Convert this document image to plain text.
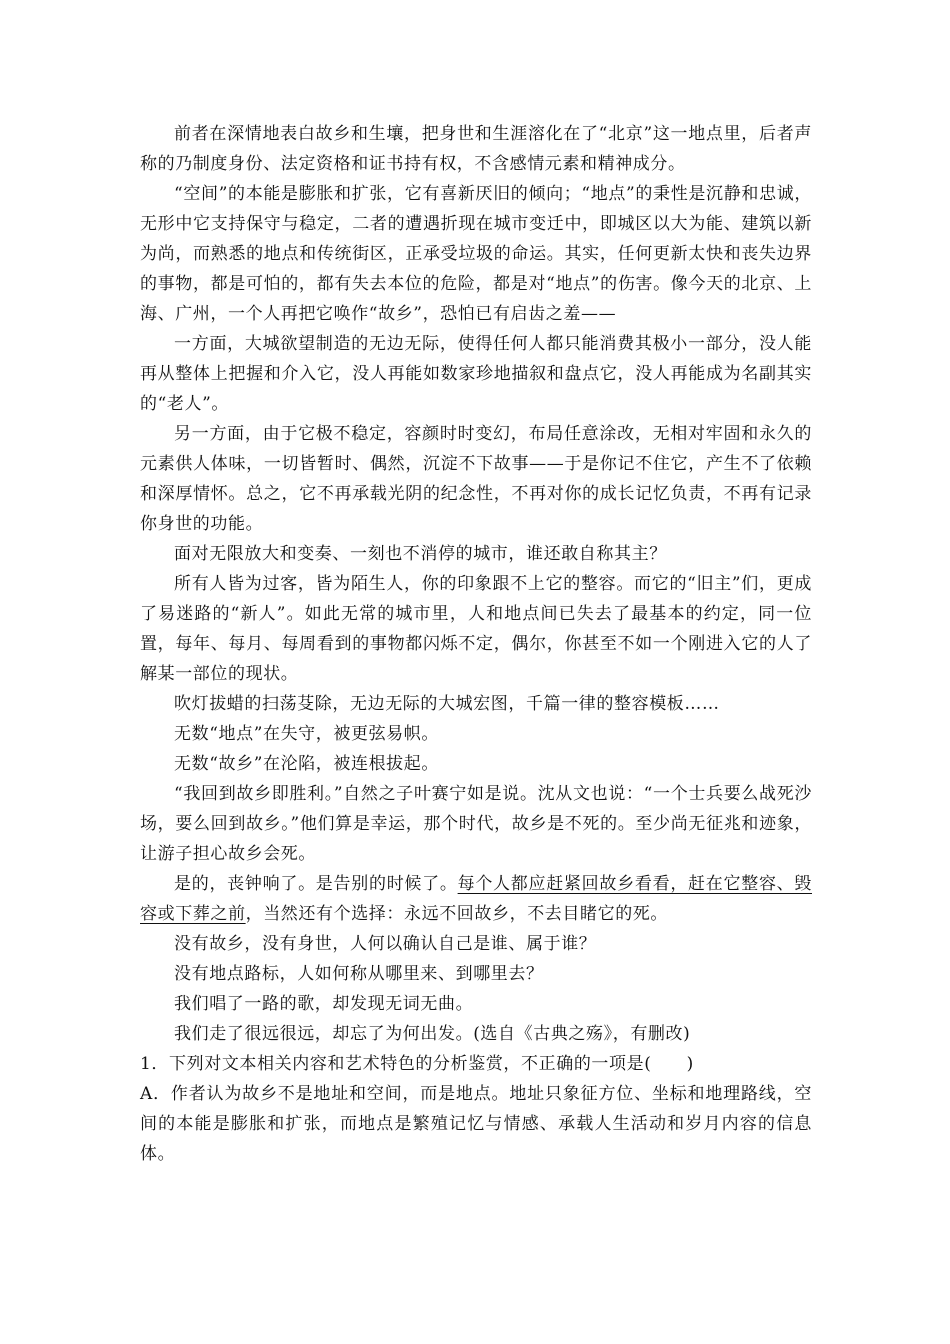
前者在深情地表白故乡和生壤，把身世和生涯溶化在了“北京”这一地点里，后者声称的乃制度身份、法定资格和证书持有权，不含感情元素和精神成分。

“空间”的本能是膨胀和扩张，它有喜新厌旧的倾向；“地点”的秉性是沉静和忠诚，无形中它支持保守与稳定，二者的遭遇折现在城市变迁中，即城区以大为能、建筑以新为尚，而熟悉的地点和传统街区，正承受垃圾的命运。其实，任何更新太快和丧失边界的事物，都是可怕的，都有失去本位的危险，都是对“地点”的伤害。像今天的北京、上海、广州，一个人再把它唤作“故乡”，恐怕已有启齿之羞——

一方面，大城欲望制造的无边无际，使得任何人都只能消费其极小一部分，没人能再从整体上把握和介入它，没人再能如数家珍地描叙和盘点它，没人再能成为名副其实的“老人”。

另一方面，由于它极不稳定，容颜时时变幻，布局任意涂改，无相对牢固和永久的元素供人体味，一切皆暂时、偶然，沉淀不下故事——于是你记不住它，产生不了依赖和深厚情怀。总之，它不再承载光阴的纪念性，不再对你的成长记忆负责，不再有记录你身世的功能。

面对无限放大和变奏、一刻也不消停的城市，谁还敢自称其主？

所有人皆为过客，皆为陌生人，你的印象跟不上它的整容。而它的“旧主”们，更成了易迷路的“新人”。如此无常的城市里，人和地点间已失去了最基本的约定，同一位置，每年、每月、每周看到的事物都闪烁不定，偶尔，你甚至不如一个刚进入它的人了解某一部位的现状。

吹灯拔蜡的扫荡芟除，无边无际的大城宏图，千篇一律的整容模板……

无数“地点”在失守，被更弦易帜。

无数“故乡”在沦陷，被连根拔起。

“我回到故乡即胜利。”自然之子叶赛宁如是说。沈从文也说：“一个士兵要么战死沙场，要么回到故乡。”他们算是幸运，那个时代，故乡是不死的。至少尚无征兆和迹象，让游子担心故乡会死。

是的，丧钟响了。是告别的时候了。每个人都应赶紧回故乡看看，赶在它整容、毁容或下葬之前，当然还有个选择：永远不回故乡，不去目睹它的死。

没有故乡，没有身世，人何以确认自己是谁、属于谁？

没有地点路标，人如何称从哪里来、到哪里去？

我们唱了一路的歌，却发现无词无曲。

我们走了很远很远，却忘了为何出发。(选自《古典之殇》，有删改)

1．下列对文本相关内容和艺术特色的分析鉴赏，不正确的一项是(　　)

A．作者认为故乡不是地址和空间，而是地点。地址只象征方位、坐标和地理路线，空间的本能是膨胀和扩张，而地点是繁殖记忆与情感、承载人生活动和岁月内容的信息体。
